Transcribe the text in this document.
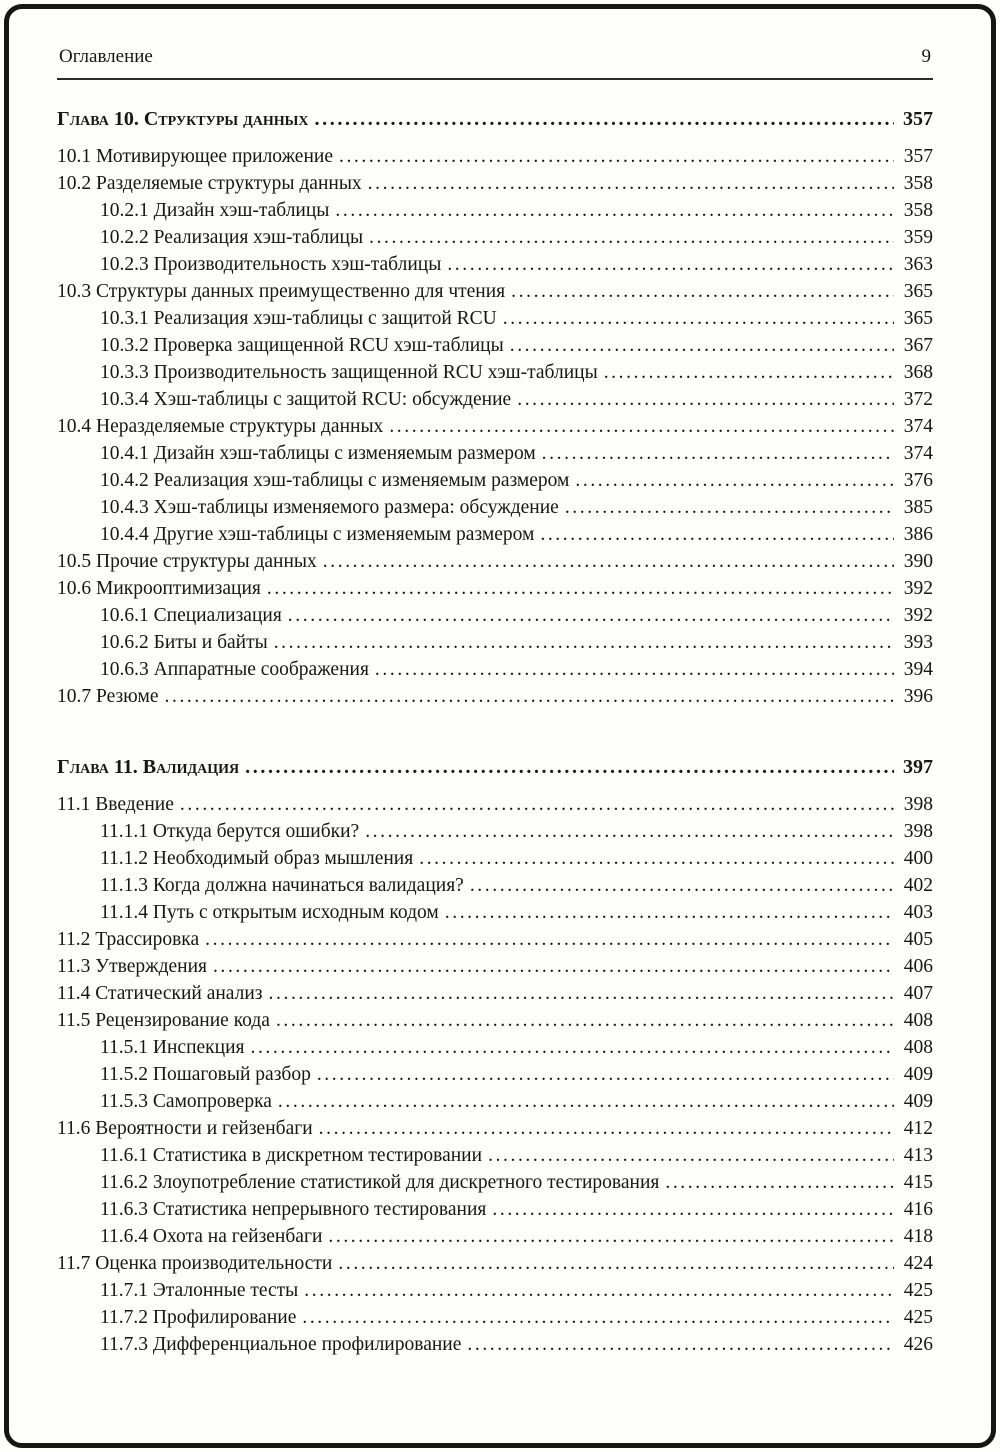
Оглавление	9
Глава 10. Структуры данных .....	357
10.1 Мотивирующее приложение .....	357
10.2 Разделяемые структуры данных .....	358
10.2.1 Дизайн хэш-таблицы .....	358
10.2.2 Реализация хэш-таблицы .....	359
10.2.3 Производительность хэш-таблицы .....	363
10.3 Структуры данных преимущественно для чтения .....	365
10.3.1 Реализация хэш-таблицы с защитой RCU .....	365
10.3.2 Проверка защищенной RCU хэш-таблицы .....	367
10.3.3 Производительность защищенной RCU хэш-таблицы .....	368
10.3.4 Хэш-таблицы с защитой RCU: обсуждение .....	372
10.4 Неразделяемые структуры данных .....	374
10.4.1 Дизайн хэш-таблицы с изменяемым размером .....	374
10.4.2 Реализация хэш-таблицы с изменяемым размером .....	376
10.4.3 Хэш-таблицы изменяемого размера: обсуждение .....	385
10.4.4 Другие хэш-таблицы с изменяемым размером .....	386
10.5 Прочие структуры данных .....	390
10.6 Микрооптимизация .....	392
10.6.1 Специализация .....	392
10.6.2 Биты и байты .....	393
10.6.3 Аппаратные соображения .....	394
10.7 Резюме .....	396
Глава 11. Валидация .....	397
11.1 Введение .....	398
11.1.1 Откуда берутся ошибки? .....	398
11.1.2 Необходимый образ мышления .....	400
11.1.3 Когда должна начинаться валидация? .....	402
11.1.4 Путь с открытым исходным кодом .....	403
11.2 Трассировка .....	405
11.3 Утверждения .....	406
11.4 Статический анализ .....	407
11.5 Рецензирование кода .....	408
11.5.1 Инспекция .....	408
11.5.2 Пошаговый разбор .....	409
11.5.3 Самопроверка .....	409
11.6 Вероятности и гейзенбаги .....	412
11.6.1 Статистика в дискретном тестировании .....	413
11.6.2 Злоупотребление статистикой для дискретного тестирования .....	415
11.6.3 Статистика непрерывного тестирования .....	416
11.6.4 Охота на гейзенбаги .....	418
11.7 Оценка производительности .....	424
11.7.1 Эталонные тесты .....	425
11.7.2 Профилирование .....	425
11.7.3 Дифференциальное профилирование .....	426
